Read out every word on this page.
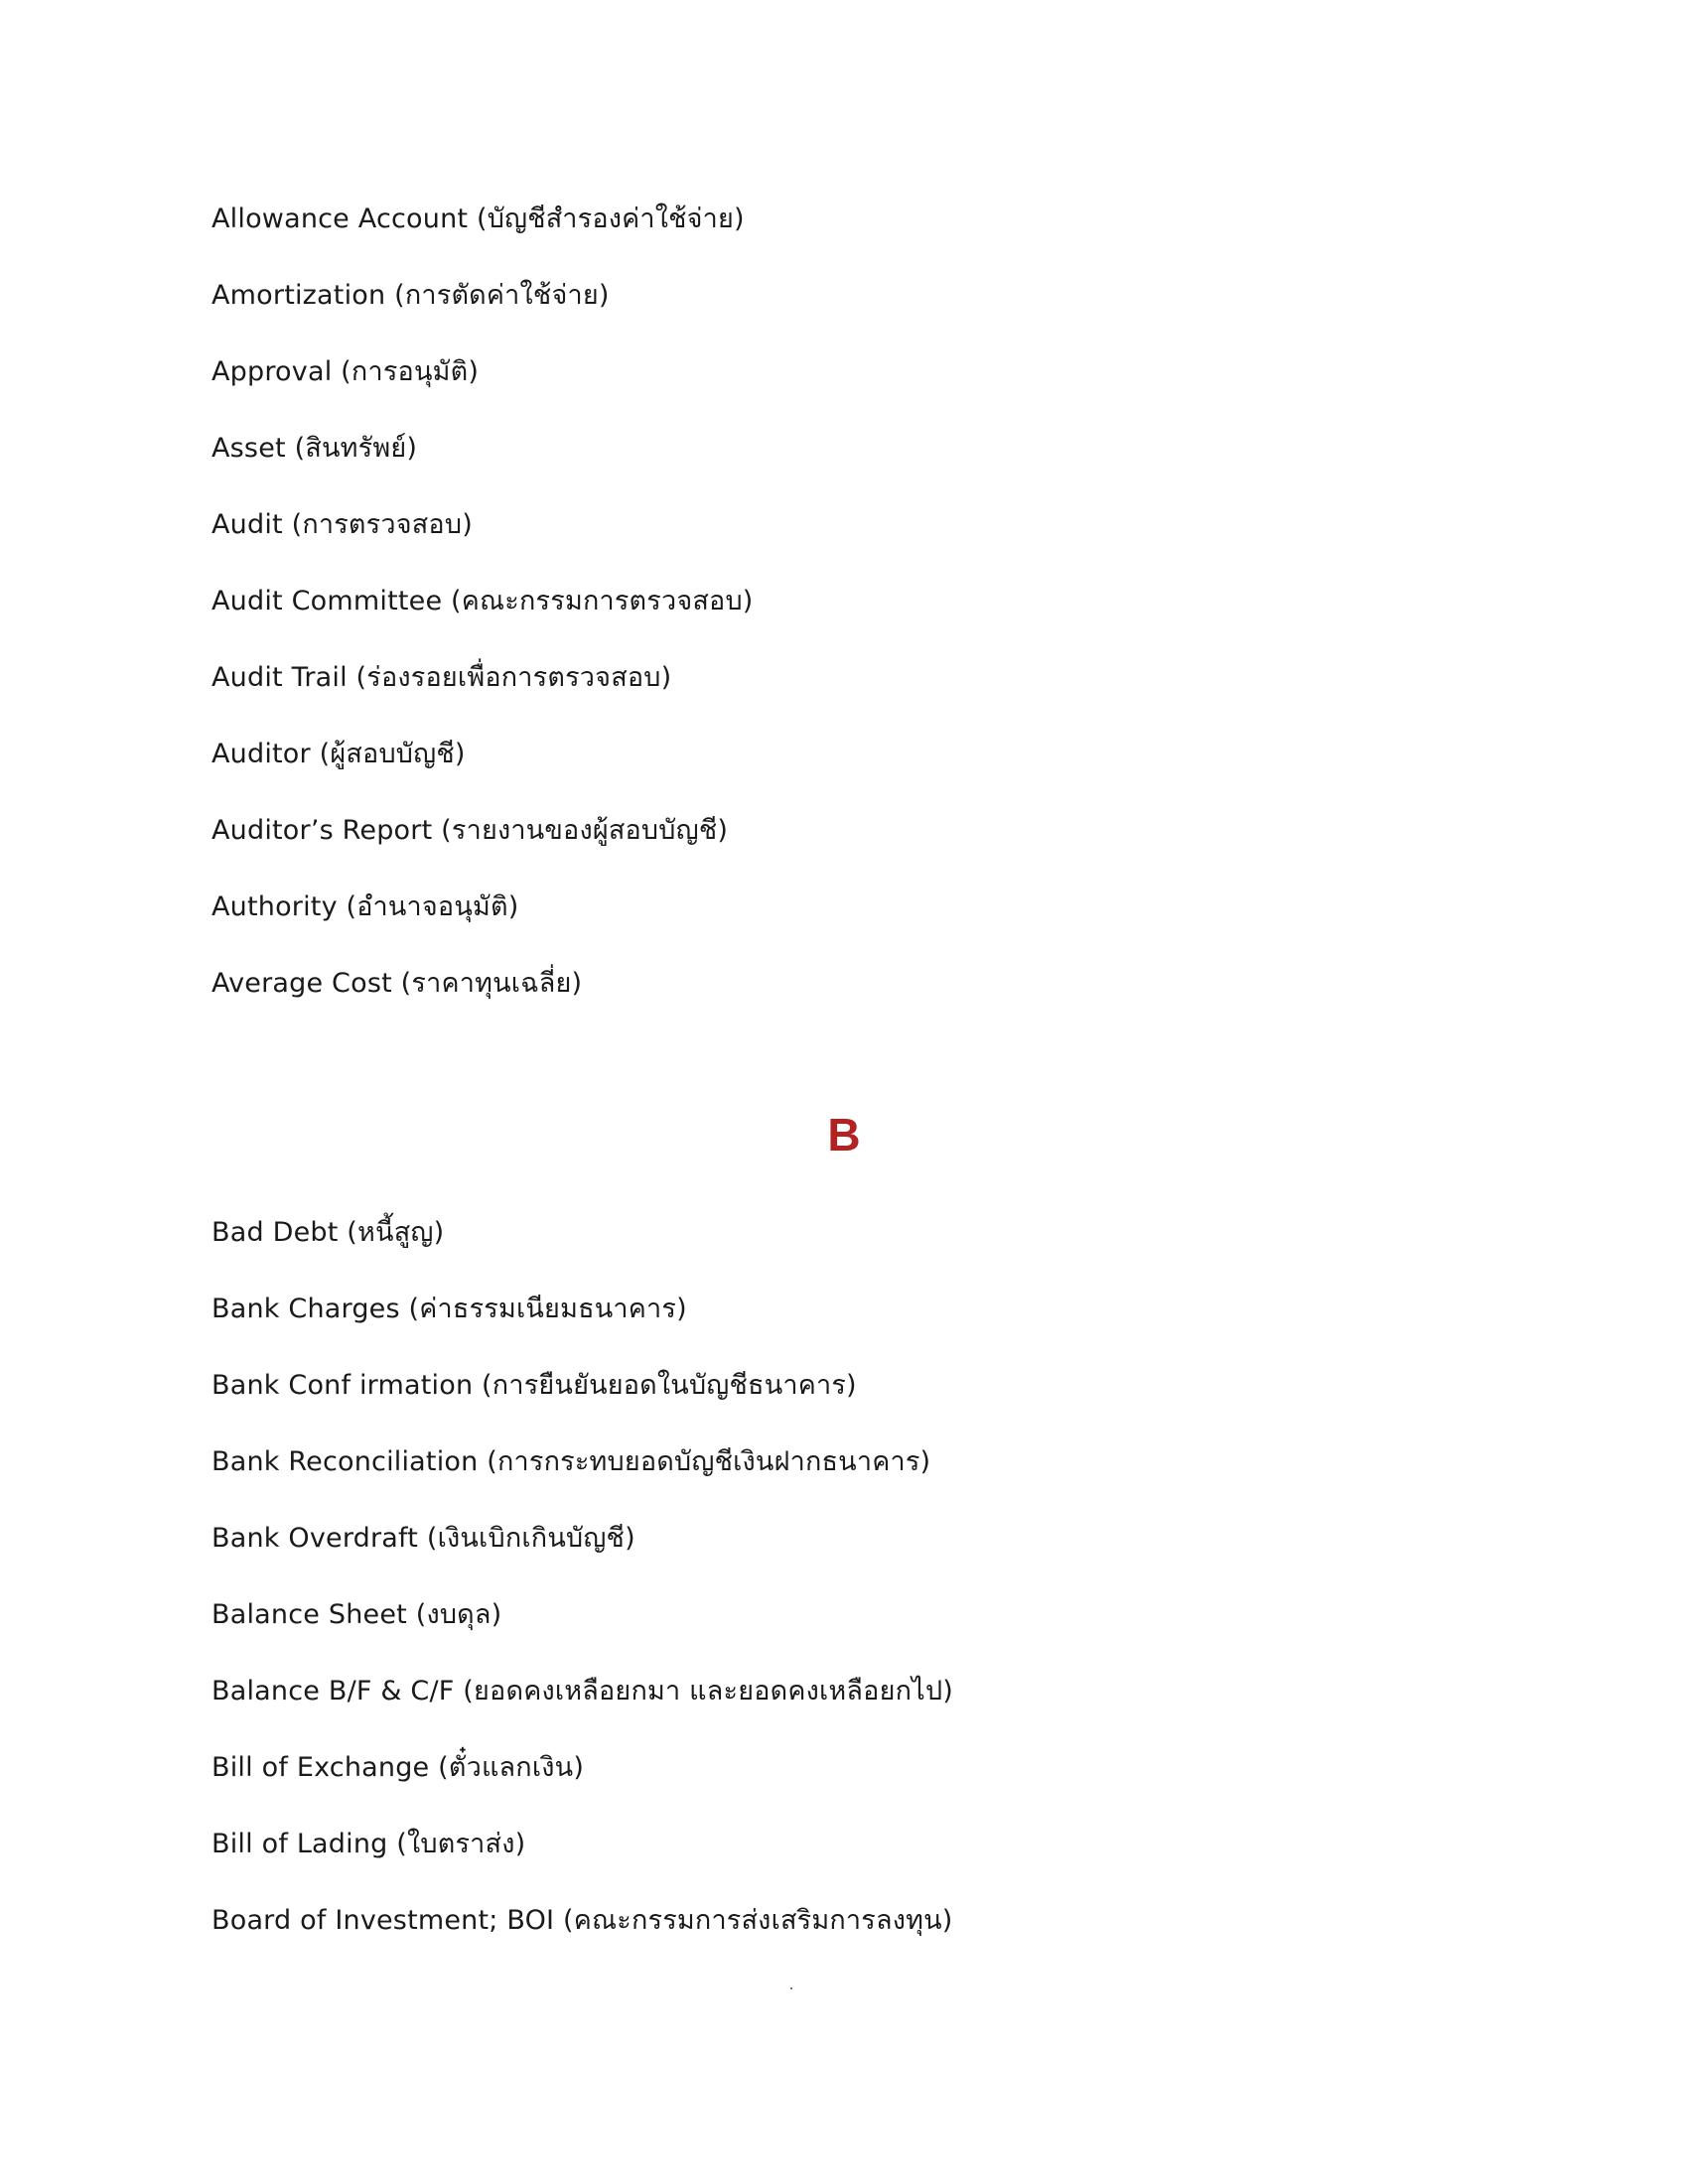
Allowance Account (บัญชีสำรองค่าใช้จ่าย)
Amortization (การตัดค่าใช้จ่าย)
Approval (การอนุมัติ)
Asset (สินทรัพย์)
Audit (การตรวจสอบ)
Audit Committee (คณะกรรมการตรวจสอบ)
Audit Trail (ร่องรอยเพื่อการตรวจสอบ)
Auditor (ผู้สอบบัญชี)
Auditor’s Report (รายงานของผู้สอบบัญชี)
Authority (อำนาจอนุมัติ)
Average Cost (ราคาทุนเฉลี่ย)
B
Bad Debt (หนี้สูญ)
Bank Charges (ค่าธรรมเนียมธนาคาร)
Bank Conf irmation (การยืนยันยอดในบัญชีธนาคาร)
Bank Reconciliation (การกระทบยอดบัญชีเงินฝากธนาคาร)
Bank Overdraft (เงินเบิกเกินบัญชี)
Balance Sheet (งบดุล)
Balance B/F & C/F (ยอดคงเหลือยกมา และยอดคงเหลือยกไป)
Bill of Exchange (ตั๋วแลกเงิน)
Bill of Lading (ใบตราส่ง)
Board of Investment; BOI (คณะกรรมการส่งเสริมการลงทุน)
